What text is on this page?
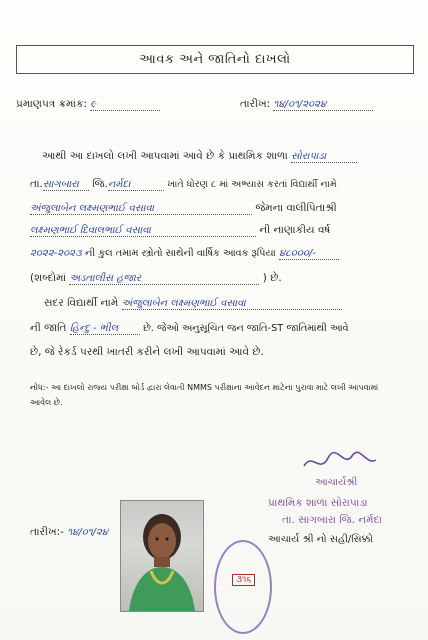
આવક અને જાતિનો દાખલો
પ્રમાણપત્ર ક્રમાંક: ૯	તારીખ: ૧૪/૦૧/૨૦૨૪
આથી આ દાખલો લખી આપવામાં આવે છે કે પ્રાથમિક શાળા સોરાપાડા
તા.સાગબારા જિ.નર્મદા	ખાતે ધોરણ ૮ માં અભ્યાસ કરતાં વિદ્યાર્થી નામે
અંજુલાબેન લક્ષ્મણભાઈ વસાવા	જેમના વાલીપિતાશ્રી
લક્ષ્મણભાઈ દિવાલભાઈ વસાવા	ની નાણાકીય વર્ષ
૨૦૨૨-૨૦૨૩ ની કુલ તમામ સ્ત્રોતો સાથેની વાર્ષિક આવક રૂપિયા ૪૮૦૦૦/-
(શબ્દોમાં અડતાલીસ હજાર	) છે.
સદર વિદ્યાર્થી નામે અંજુલાબેન લક્ષ્મણભાઈ વસાવા
ની જાતિ હિન્દુ - ભીલ	છે. જેઓ અનુસૂચિત જન જાતિ-ST જાતિમાંથી આવે
છે, જે રેકર્ડ પરથી ખાતરી કરીને લખી આપવામાં આવે છે.
નોંધ:- આ દાખલો રાજ્ય પરીક્ષા બોર્ડ દ્વારા લેવાતી NMMS પરીક્ષાના આવેદન માટેના પુરાવા માટે લખી આપવામાં આવેલ છે.
આચાર્યશ્રી
પ્રાથમિક શાળા સોરાપાડા
તા. સાગબારા જિ. નર્મદા
આચાર્ય શ્રી નો સહી/સિક્કો
તારીખ:- ૧૪/૦૧/૨૪
૩૧૬
